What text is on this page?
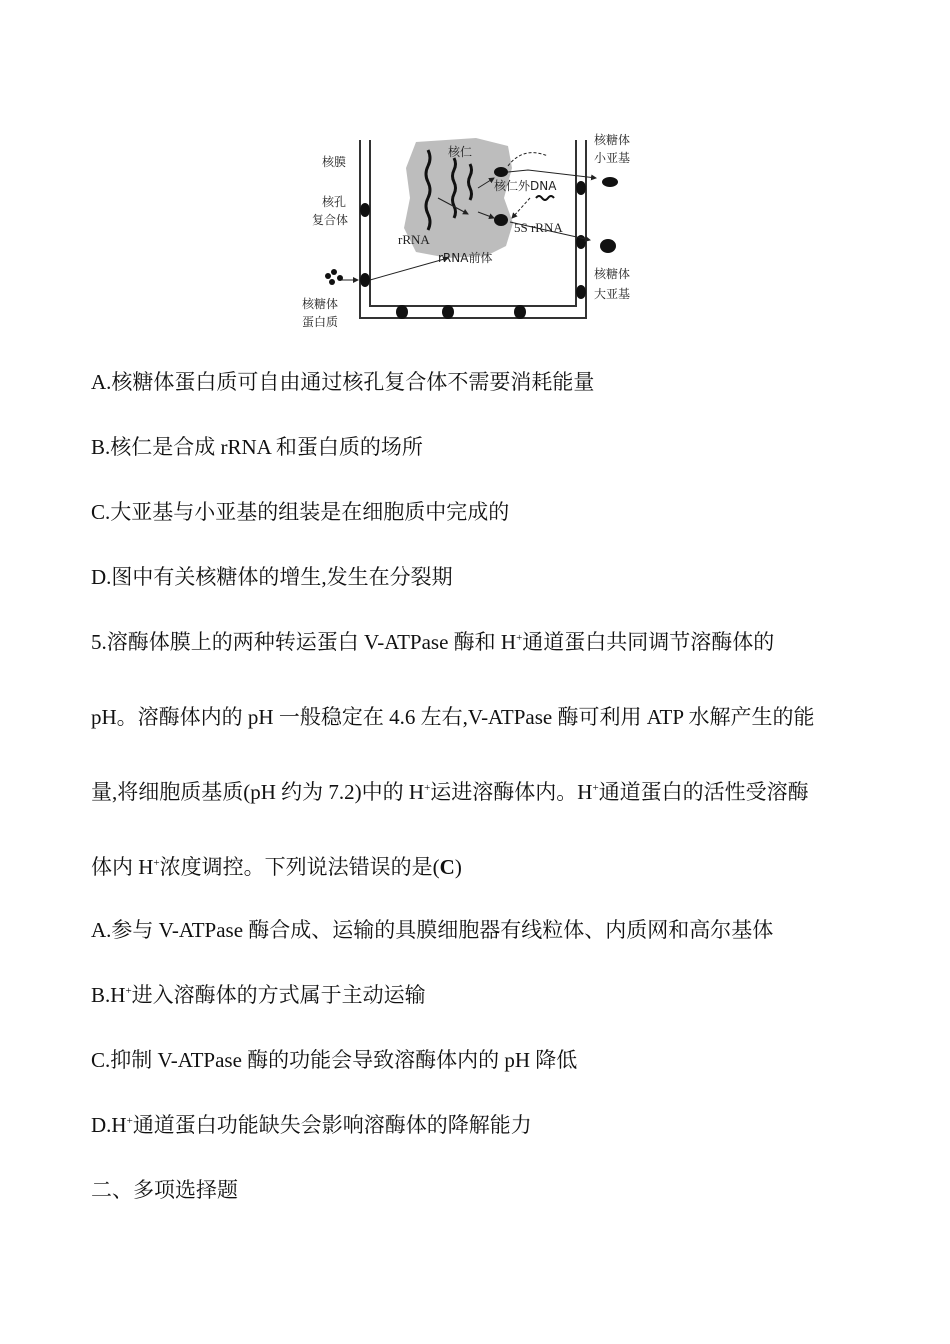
核膜
核孔
复合体
核糖体
蛋白质
核仁
核仁外DNA
rRNA
5S rRNA
rRNA前体
核糖体
小亚基
核糖体
大亚基
A.核糖体蛋白质可自由通过核孔复合体不需要消耗能量
B.核仁是合成 rRNA 和蛋白质的场所
C.大亚基与小亚基的组装是在细胞质中完成的
D.图中有关核糖体的增生,发生在分裂期
5.溶酶体膜上的两种转运蛋白 V-ATPase 酶和 H+通道蛋白共同调节溶酶体的
pH。溶酶体内的 pH 一般稳定在 4.6 左右,V-ATPase 酶可利用 ATP 水解产生的能
量,将细胞质基质(pH 约为 7.2)中的 H+运进溶酶体内。H+通道蛋白的活性受溶酶
体内 H+浓度调控。下列说法错误的是(C)
A.参与 V-ATPase 酶合成、运输的具膜细胞器有线粒体、内质网和高尔基体
B.H+进入溶酶体的方式属于主动运输
C.抑制 V-ATPase 酶的功能会导致溶酶体内的 pH 降低
D.H+通道蛋白功能缺失会影响溶酶体的降解能力
二、多项选择题
